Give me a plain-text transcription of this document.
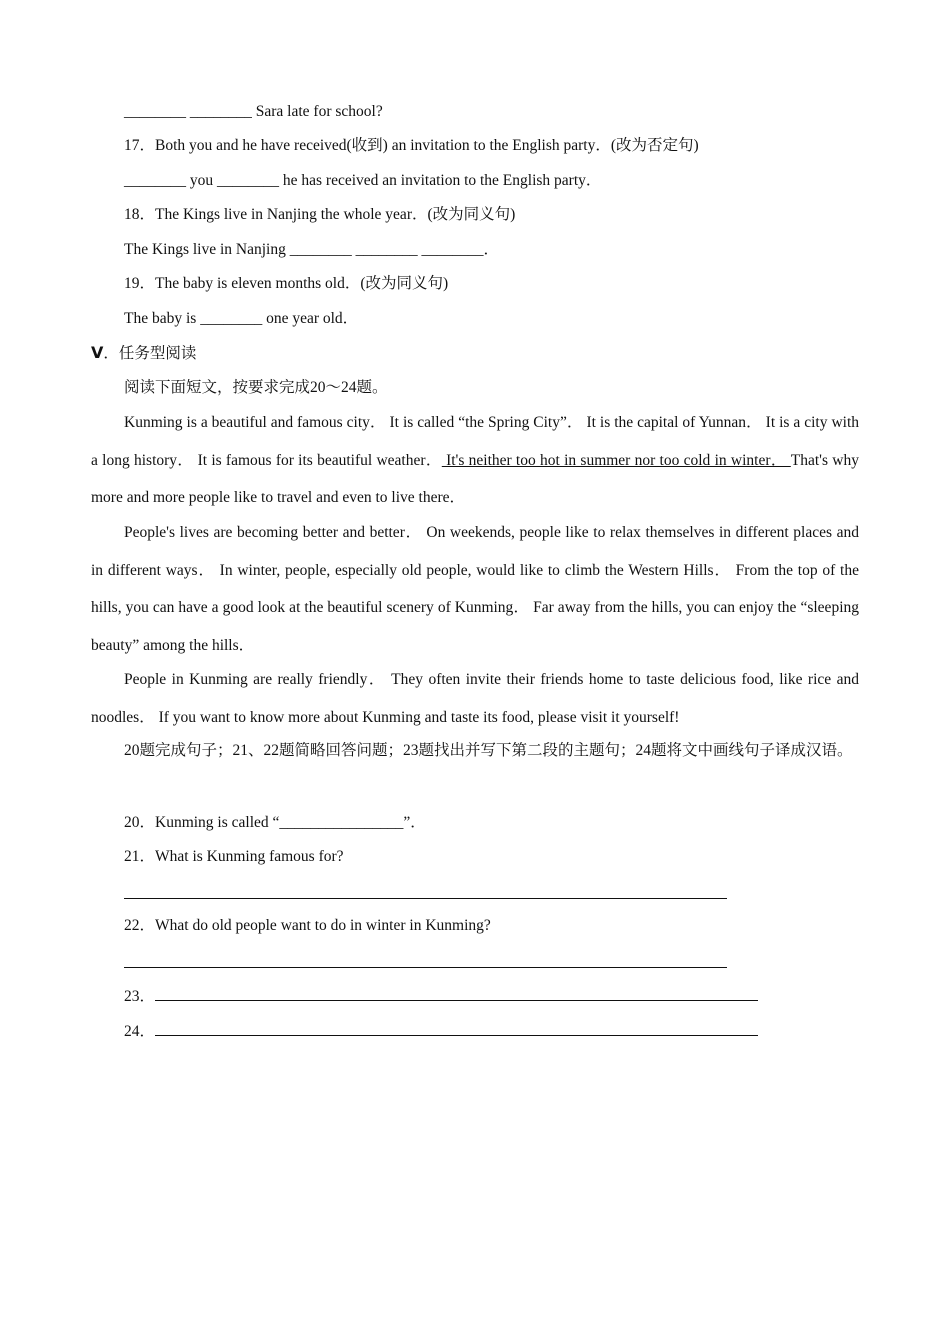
________ ________ Sara late for school?
17．Both you and he have received(收到) an invitation to the English party．(改为否定句)
________ you ________ he has received an invitation to the English party．
18．The Kings live in Nanjing the whole year．(改为同义句)
The Kings live in Nanjing ________ ________ ________．
19．The baby is eleven months old．(改为同义句)
The baby is ________ one year old．
V．任务型阅读
阅读下面短文，按要求完成20～24题。
Kunming is a beautiful and famous city． It is called “the Spring City”． It is the capital of Yunnan． It is a city with a long history． It is famous for its beautiful weather． It's neither too hot in summer nor too cold in winter． That's why more and more people like to travel and even to live there．
People's lives are becoming better and better． On weekends, people like to relax themselves in different places and in different ways． In winter, people, especially old people, would like to climb the Western Hills． From the top of the hills, you can have a good look at the beautiful scenery of Kunming． Far away from the hills, you can enjoy the “sleeping beauty” among the hills．
People in Kunming are really friendly． They often invite their friends home to taste delicious food, like rice and noodles． If you want to know more about Kunming and taste its food, please visit it yourself!
20题完成句子；21、22题简略回答问题；23题找出并写下第二段的主题句；24题将文中画线句子译成汉语。
20．Kunming is called “________________”．
21．What is Kunming famous for?
22．What do old people want to do in winter in Kunming?
23．
24．
